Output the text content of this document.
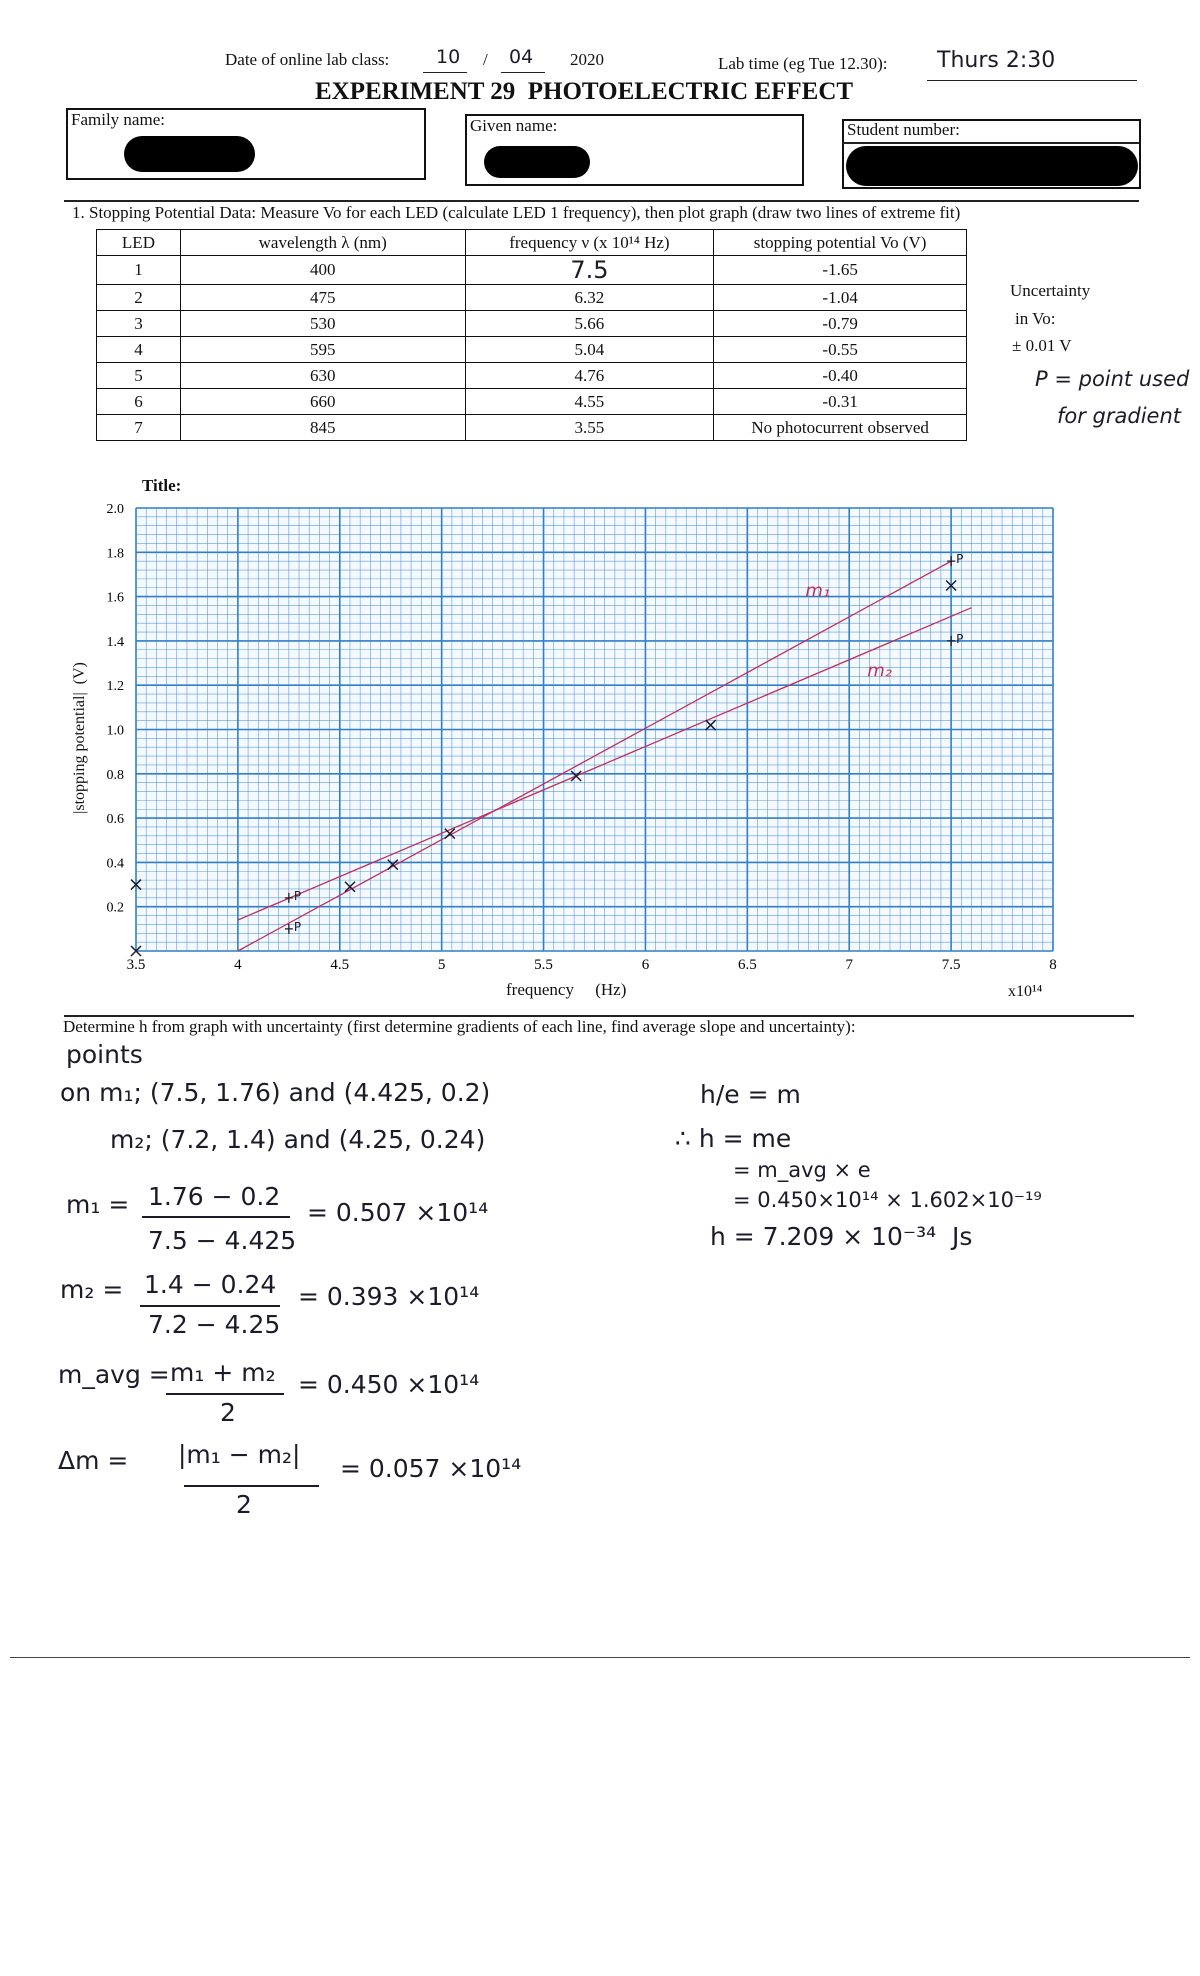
Date of online lab class: 10 / 04 2020	Lab time (eg Tue 12.30): Thurs 2:30
EXPERIMENT 29  PHOTOELECTRIC EFFECT
Family name:	Given name:	Student number:
1. Stopping Potential Data: Measure Vo for each LED (calculate LED 1 frequency), then plot graph (draw two lines of extreme fit)
LED	wavelength λ (nm)	frequency ν (x 10¹⁴ Hz)	stopping potential Vo (V)
1	400	7.5	-1.65
2	475	6.32	-1.04
3	530	5.66	-0.79
4	595	5.04	-0.55
5	630	4.76	-0.40
6	660	4.55	-0.31
7	845	3.55	No photocurrent observed
Uncertainty
in Vo:
± 0.01 V
P = point used
for gradient
Title:
3.5	4	4.5	5	5.5	6	6.5	7	7.5	8
0.2
0.4
0.6
0.8
1.0
1.2
1.4
1.6
1.8
2.0
m₁
m₂
P
P
P
P
x10¹⁴
frequency     (Hz)
|stopping potential|  (V)
Determine h from graph with uncertainty (first determine gradients of each line, find average slope and uncertainty):
points
on m₁; (7.5, 1.76) and (4.425, 0.2)
m₂; (7.2, 1.4) and (4.25, 0.24)
m₁ = 1.76 − 0.2
7.5 − 4.425
= 0.507 ×10¹⁴
m₂ = 1.4 − 0.24
7.2 − 4.25
= 0.393 ×10¹⁴
m_avg = m₁ + m₂
2
= 0.450 ×10¹⁴
Δm = |m₁ − m₂|
2
= 0.057 ×10¹⁴
h/e = m
∴ h = me
= m_avg × e
= 0.450×10¹⁴ × 1.602×10⁻¹⁹
h = 7.209 × 10⁻³⁴  Js
